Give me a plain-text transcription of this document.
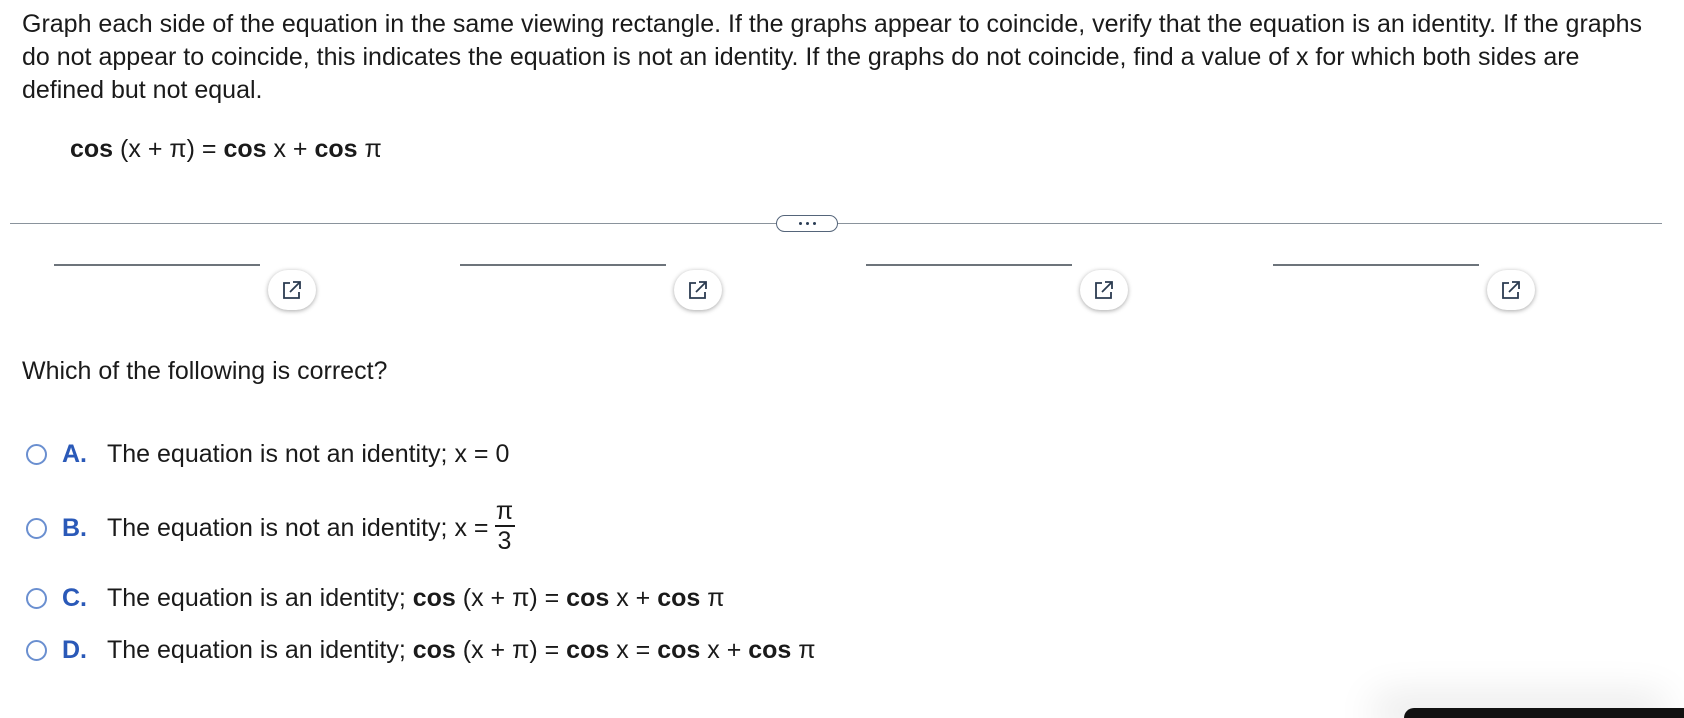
Graph each side of the equation in the same viewing rectangle. If the graphs appear to coincide, verify that the equation is an identity. If the graphs do not appear to coincide, this indicates the equation is not an identity. If the graphs do not coincide, find a value of x for which both sides are defined but not equal.

cos (x + π) = cos x + cos π
Which of the following is correct?
A. The equation is not an identity; x = 0
B. The equation is not an identity; $x = \frac{\pi}{3}$
C. The equation is an identity; cos (x + π) = cos x + cos π
D. The equation is an identity; cos (x + π) = cos x = cos x + cos π
